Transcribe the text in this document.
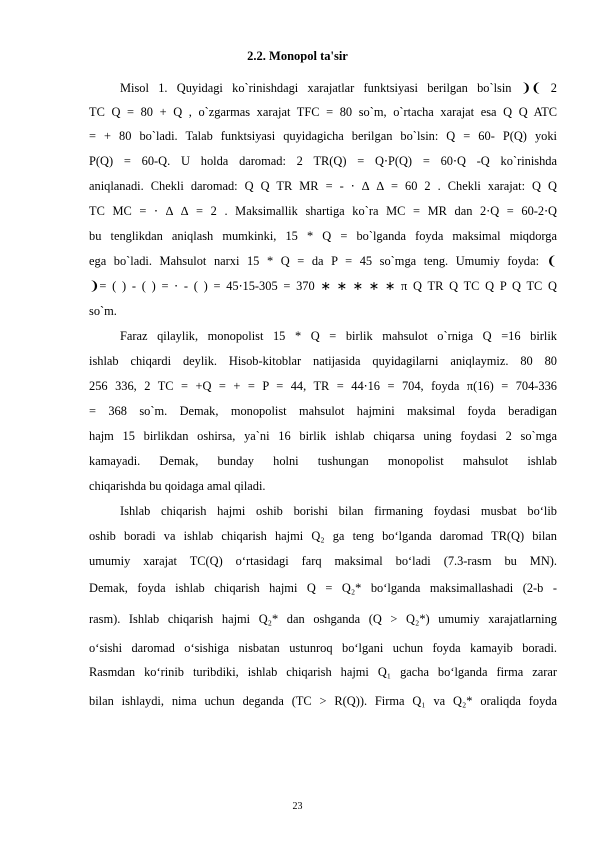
2.2. Monopol ta'sir
Misol 1. Quyidagi ko`rinishdagi xarajatlar funktsiyasi berilgan bo`lsin ❩❨ 2
TC Q = 80 + Q , o`zgarmas xarajat TFC = 80 so`m, o`rtacha xarajat esa Q Q ATC
= + 80 bo`ladi. Talab funktsiyasi quyidagicha berilgan bo`lsin: Q = 60- P(Q) yoki
P(Q) = 60-Q. U holda daromad: 2 TR(Q) = Q⋅P(Q) = 60⋅Q -Q ko`rinishda
aniqlanadi. Chekli daromad: Q Q TR MR = - ⋅ ∆ ∆ = 60 2 . Chekli xarajat: Q Q
TC MC = ⋅ ∆ ∆ = 2 . Maksimallik shartiga ko`ra MC = MR dan 2⋅Q = 60-2⋅Q
bu tenglikdan aniqlash mumkinki, 15 * Q = bo`lganda foyda maksimal miqdorga
ega bo`ladi. Mahsulot narxi 15 * Q = da P = 45 so`mga teng. Umumiy foyda: ❨
❩= ( ) - ( ) = ⋅ - ( ) = 45⋅15-305 = 370 ∗ ∗ ∗ ∗ ∗ π Q TR Q TC Q P Q TC Q
so`m.
Faraz qilaylik, monopolist 15 * Q = birlik mahsulot o`rniga Q =16 birlik
ishlab chiqardi deylik. Hisob-kitoblar natijasida quyidagilarni aniqlaymiz. 80 80
256 336, 2 TC = +Q = + = P = 44, TR = 44⋅16 = 704, foyda π(16) = 704-336
= 368 so`m. Demak, monopolist mahsulot hajmini maksimal foyda beradigan
hajm 15 birlikdan oshirsa, ya`ni 16 birlik ishlab chiqarsa uning foydasi 2 so`mga
kamayadi. Demak, bunday holni tushungan monopolist mahsulot ishlab
chiqarishda bu qoidaga amal qiladi.
Ishlab chiqarish hajmi oshib borishi bilan firmaning foydasi musbat bo‘lib
oshib boradi va ishlab chiqarish hajmi Q₂ ga teng bo‘lganda daromad TR(Q) bilan
umumiy xarajat TC(Q) o‘rtasidagi farq maksimal bo‘ladi (7.3-rasm bu MN).
Demak, foyda ishlab chiqarish hajmi Q = Q₂* bo‘lganda maksimallashadi (2-b -
rasm). Ishlab chiqarish hajmi Q₂* dan oshganda (Q > Q₂*) umumiy xarajatlarning
o‘sishi daromad o‘sishiga nisbatan ustunroq bo‘lgani uchun foyda kamayib boradi.
Rasmdan ko‘rinib turibdiki, ishlab chiqarish hajmi Q₁ gacha bo‘lganda firma zarar
bilan ishlaydi, nima uchun deganda (TC > R(Q)). Firma Q₁ va Q₂* oraliqda foyda
23
